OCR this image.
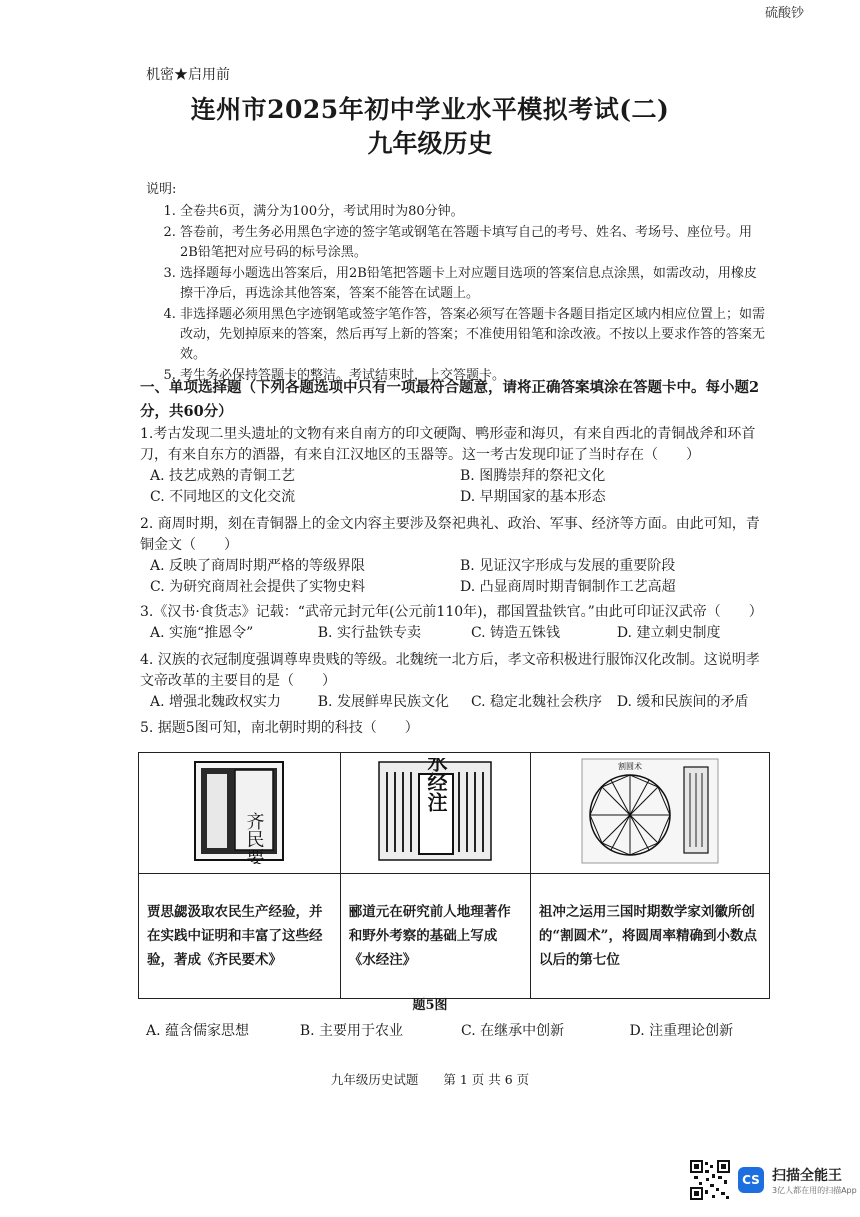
硫酸钞
机密★启用前
连州市2025年初中学业水平模拟考试(二)
九年级历史
说明:
1. 全卷共6页，满分为100分，考试用时为80分钟。
2. 答卷前，考生务必用黑色字迹的签字笔或钢笔在答题卡填写自己的考号、姓名、考场号、座位号。用2B铅笔把对应号码的标号涂黑。
3. 选择题每小题选出答案后，用2B铅笔把答题卡上对应题目选项的答案信息点涂黑，如需改动，用橡皮擦干净后，再选涂其他答案，答案不能答在试题上。
4. 非选择题必须用黑色字迹钢笔或签字笔作答，答案必须写在答题卡各题目指定区域内相应位置上；如需改动，先划掉原来的答案，然后再写上新的答案；不准使用铅笔和涂改液。不按以上要求作答的答案无效。
5. 考生务必保持答题卡的整洁。考试结束时，上交答题卡。
一、单项选择题（下列各题选项中只有一项最符合题意，请将正确答案填涂在答题卡中。每小题2分，共60分）

1.考古发现二里头遗址的文物有来自南方的印文硬陶、鸭形壶和海贝，有来自西北的青铜战斧和环首刀，有来自东方的酒器，有来自江汉地区的玉器等。这一考古发现印证了当时存在（　　）

A. 技艺成熟的青铜工艺	B. 图腾崇拜的祭祀文化
C. 不同地区的文化交流	D. 早期国家的基本形态

2. 商周时期，刻在青铜器上的金文内容主要涉及祭祀典礼、政治、军事、经济等方面。由此可知，青铜金文（　　）

A. 反映了商周时期严格的等级界限	B. 见证汉字形成与发展的重要阶段
C. 为研究商周社会提供了实物史料	D. 凸显商周时期青铜制作工艺高超

3.《汉书·食货志》记载：“武帝元封元年(公元前110年)，郡国置盐铁官。”由此可印证汉武帝（　　）

A. 实施“推恩令”	B. 实行盐铁专卖	C. 铸造五铢钱	D. 建立刺史制度

4. 汉族的衣冠制度强调尊卑贵贱的等级。北魏统一北方后，孝文帝积极进行服饰汉化改制。这说明孝文帝改革的主要目的是（　　）

A. 增强北魏政权实力	B. 发展鲜卑民族文化	C. 稳定北魏社会秩序	D. 缓和民族间的矛盾

5. 据题5图可知，南北朝时期的科技（　　）

齐民要术	水经注	割圆术

贾思勰汲取农民生产经验，并在实践中证明和丰富了这些经验，著成《齐民要术》	郦道元在研究前人地理著作和野外考察的基础上写成《水经注》	祖冲之运用三国时期数学家刘徽所创的“割圆术”，将圆周率精确到小数点以后的第七位
题5图
A. 蕴含儒家思想	B. 主要用于农业	C. 在继承中创新	D. 注重理论创新
九年级历史试题　　第 1 页 共 6 页
CS 扫描全能王
3亿人都在用的扫描App
